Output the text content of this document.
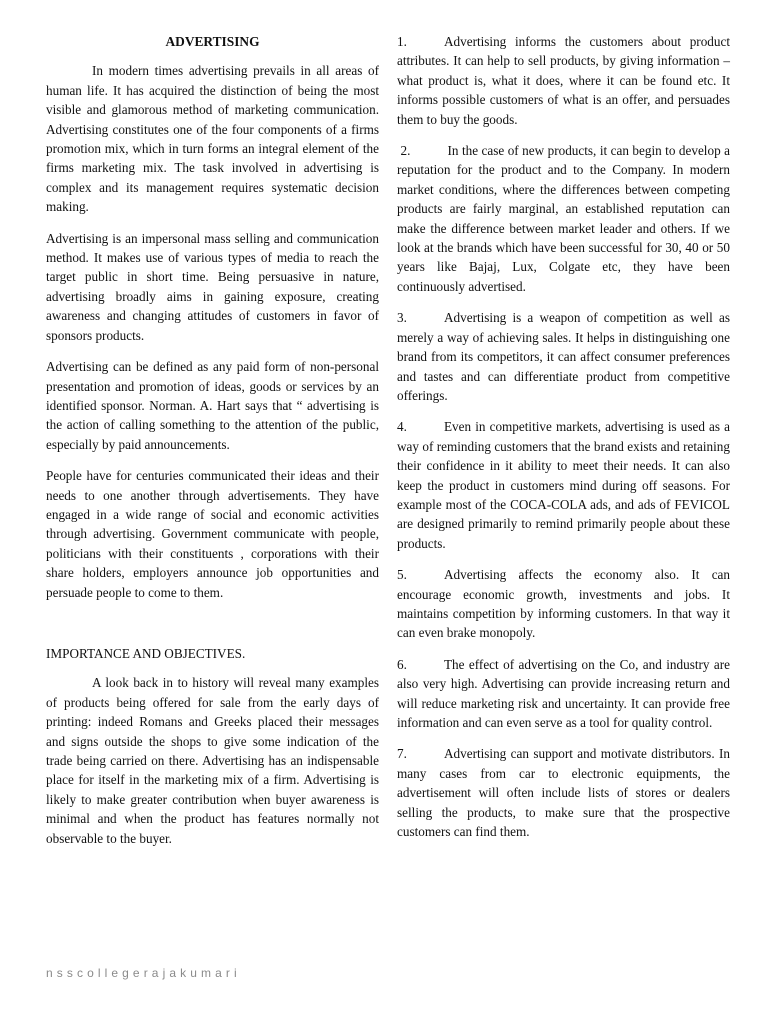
ADVERTISING

In modern times advertising prevails in all areas of human life. It has acquired the distinction of being the most visible and glamorous method of marketing communication. Advertising constitutes one of the four components of a firms promotion mix, which in turn forms an integral element of the firms marketing mix. The task involved in advertising is complex and its management requires systematic decision making.

Advertising is an impersonal mass selling and communication method. It makes use of various types of media to reach the target public in short time. Being persuasive in nature, advertising broadly aims in gaining exposure, creating awareness and changing attitudes of customers in favor of sponsors products.

Advertising can be defined as any paid form of non-personal presentation and promotion of ideas, goods or services by an identified sponsor. Norman. A. Hart says that “ advertising is the action of calling something to the attention of the public, especially by paid announcements.

People have for centuries communicated their ideas and their needs to one another through advertisements. They have engaged in a wide range of social and economic activities through advertising. Government communicate with people, politicians with their constituents , corporations with their share holders, employers announce job opportunities and persuade people to come to them.

IMPORTANCE AND OBJECTIVES.

A look back in to history will reveal many examples of products being offered for sale from the early days of printing: indeed Romans and Greeks placed their messages and signs outside the shops to give some indication of the trade being carried on there. Advertising has an indispensable place for itself in the marketing mix of a firm. Advertising is likely to make greater contribution when buyer awareness is minimal and when the product has features normally not observable to the buyer.

1.	Advertising informs the customers about product attributes. It can help to sell products, by giving information – what product is, what it does, where it can be found etc. It informs possible customers of what is an offer, and persuades them to buy the goods.

2.	In the case of new products, it can begin to develop a reputation for the product and to the Company. In modern market conditions, where the differences between competing products are fairly marginal, an established reputation can make the difference between market leader and others. If we look at the brands which have been successful for 30, 40 or 50 years like Bajaj, Lux, Colgate etc, they have been continuously advertised.

3.	Advertising is a weapon of competition as well as merely a way of achieving sales. It helps in distinguishing one brand from its competitors, it can affect consumer preferences and tastes and can differentiate product from competitive offerings.

4.	Even in competitive markets, advertising is used as a way of reminding customers that the brand exists and retaining their confidence in it ability to meet their needs. It can also keep the product in customers mind during off seasons. For example most of the COCA-COLA ads, and ads of FEVICOL are designed primarily to remind primarily people about these products.

5.	Advertising affects the economy also. It can encourage economic growth, investments and jobs. It maintains competition by informing customers. In that way it can even brake monopoly.

6.	The effect of advertising on the Co, and industry are also very high. Advertising can provide increasing return and will reduce marketing risk and uncertainty. It can provide free information and can even serve as a tool for quality control.

7.	Advertising can support and motivate distributors. In many cases from car to electronic equipments, the advertisement will often include lists of stores or dealers selling the products, to make sure that the prospective customers can find them.

nsscollegerajakumari
